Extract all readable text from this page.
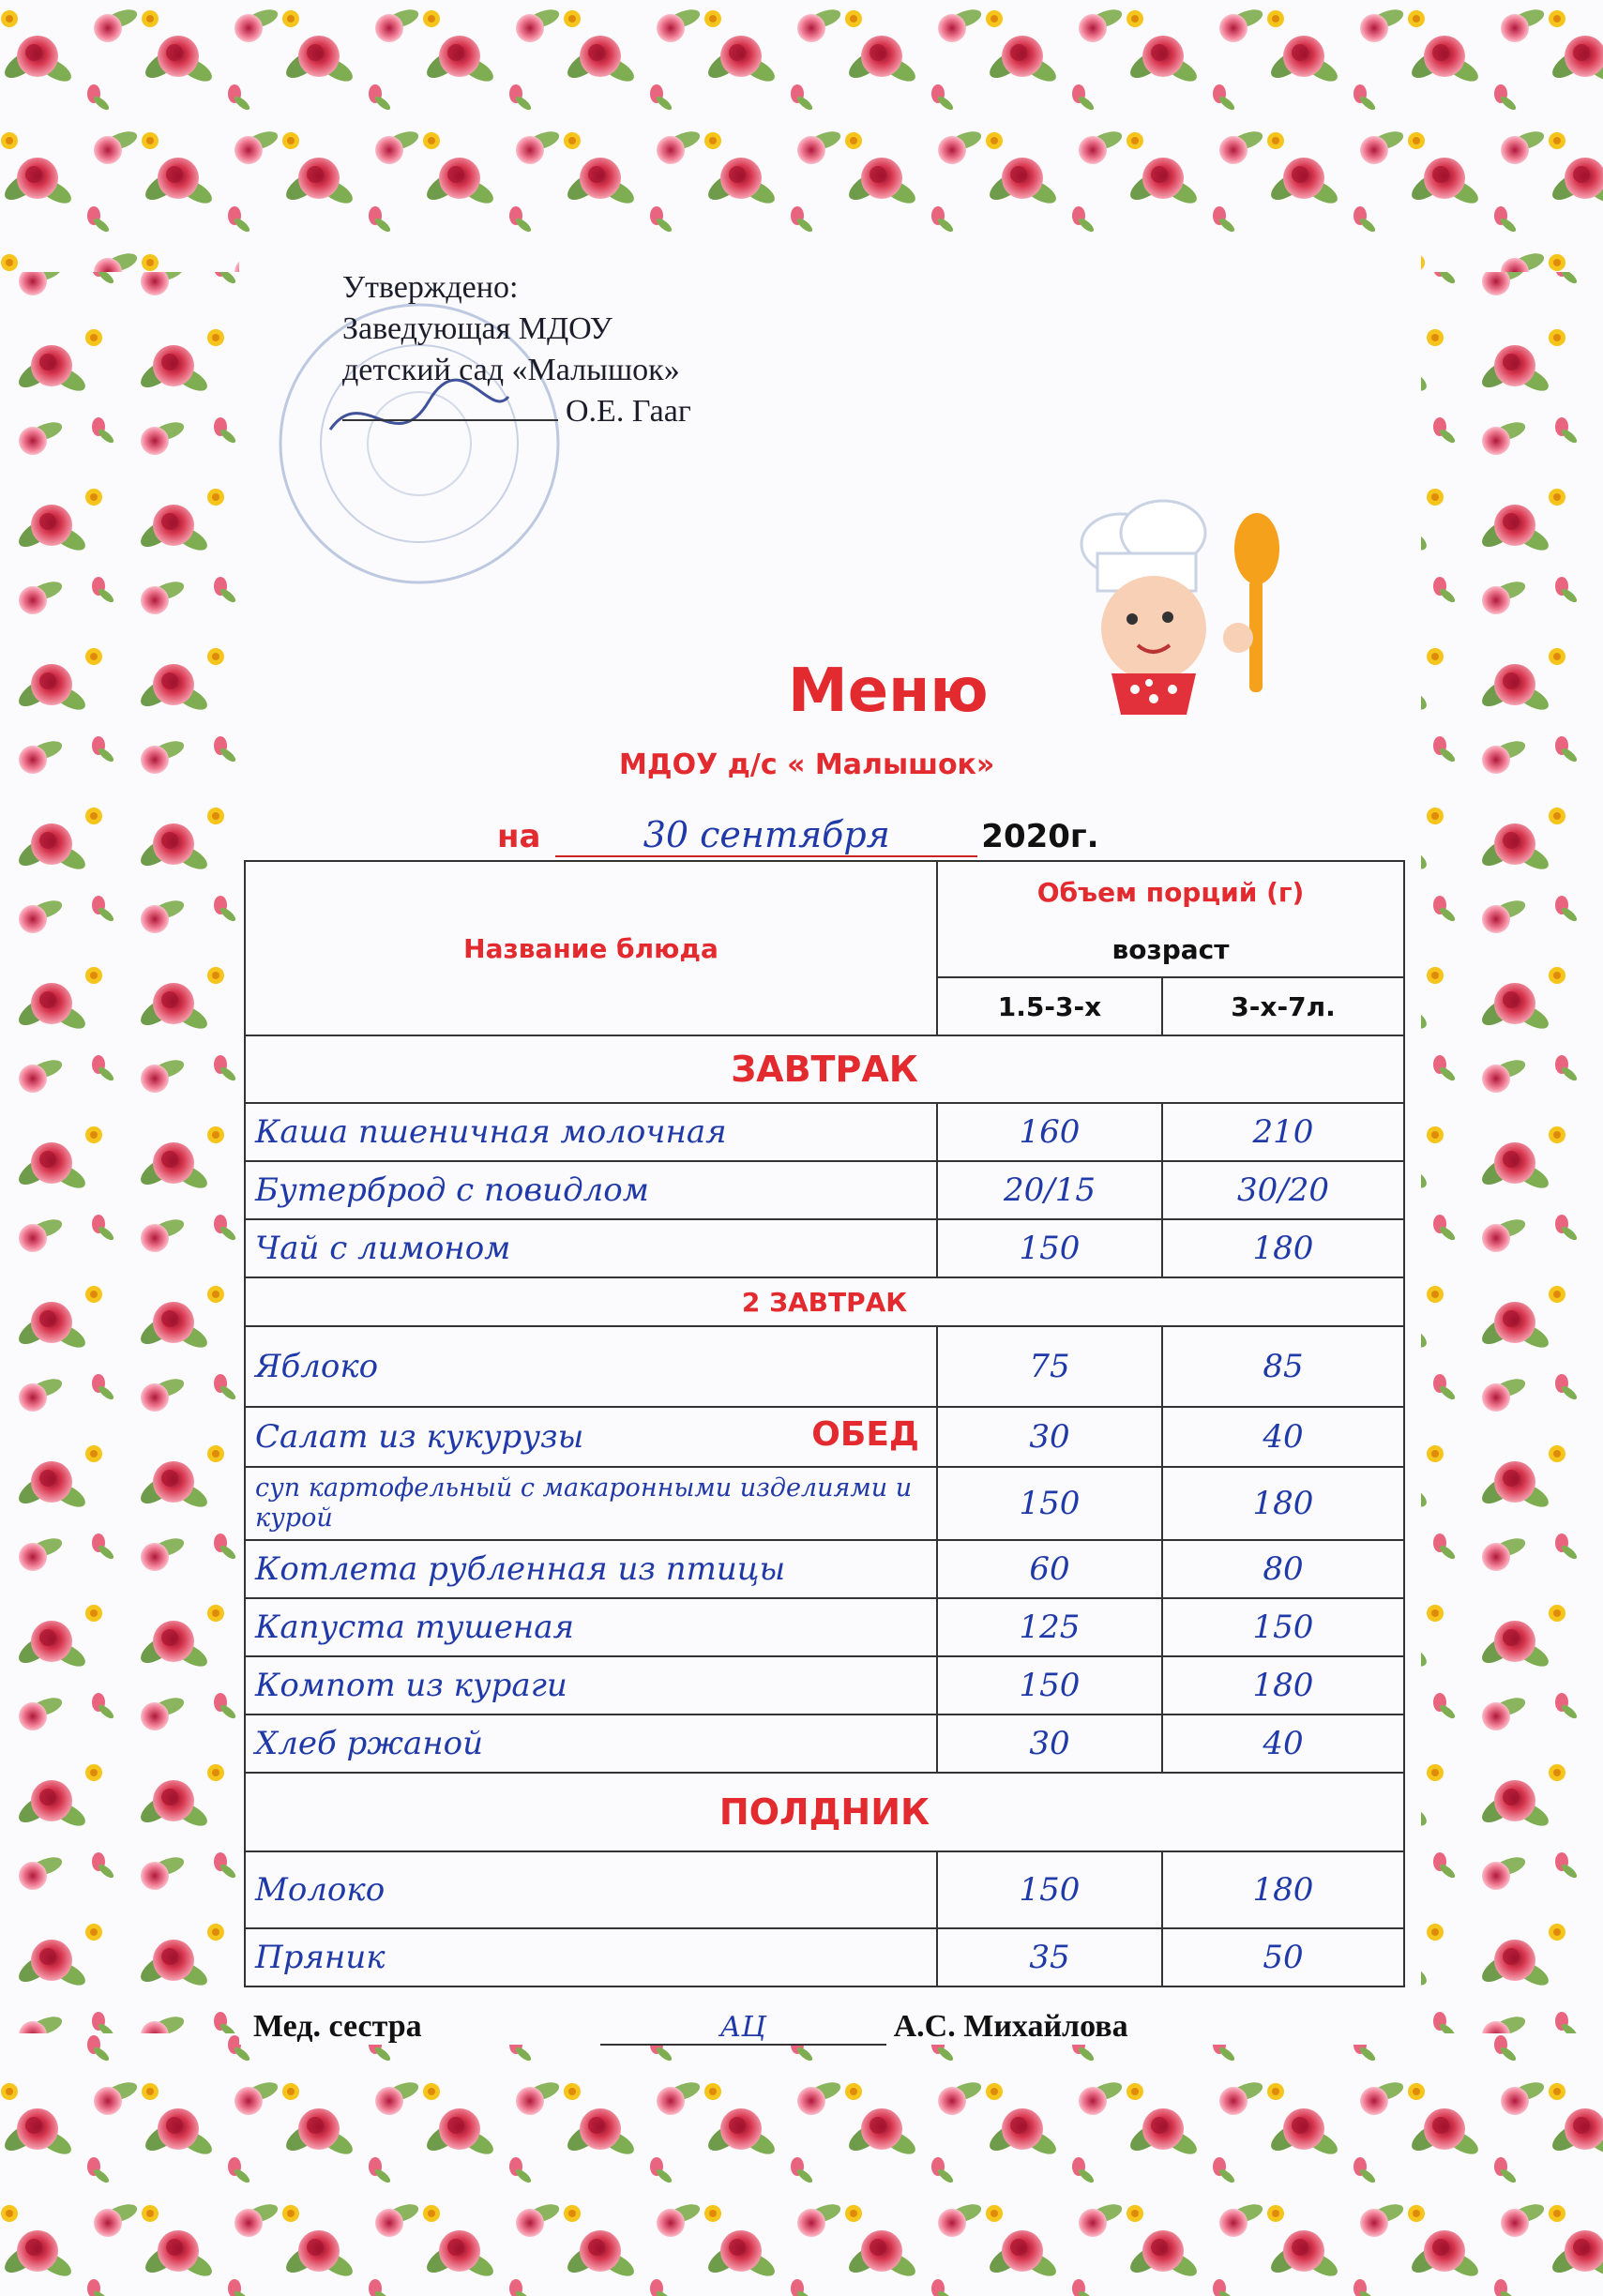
Утверждено:
Заведующая МДОУ
детский сад «Малышок»
О.Е. Гааг
Меню
МДОУ д/с « Малышок»
на	30 сентября	2020г.
Название блюда	Объем порций (г)	
	возраст	
	1.5-3-х	3-х-7л.
ЗАВТРАК		
Каша пшеничная молочная	160	210
Бутерброд с повидлом	20/15	30/20
Чай с лимоном	150	180
2 ЗАВТРАК		
Яблоко	75	85
Салат из кукурузы ОБЕД	30	40
суп картофельный с макаронными изделиями и курой	150	180
Котлета рубленная из птицы	60	80
Капуста тушеная	125	150
Компот из кураги	150	180
Хлеб ржаной	30	40
ПОЛДНИК		
Молоко	150	180
Пряник	35	50
Мед. сестра	АЦ	А.С. Михайлова
